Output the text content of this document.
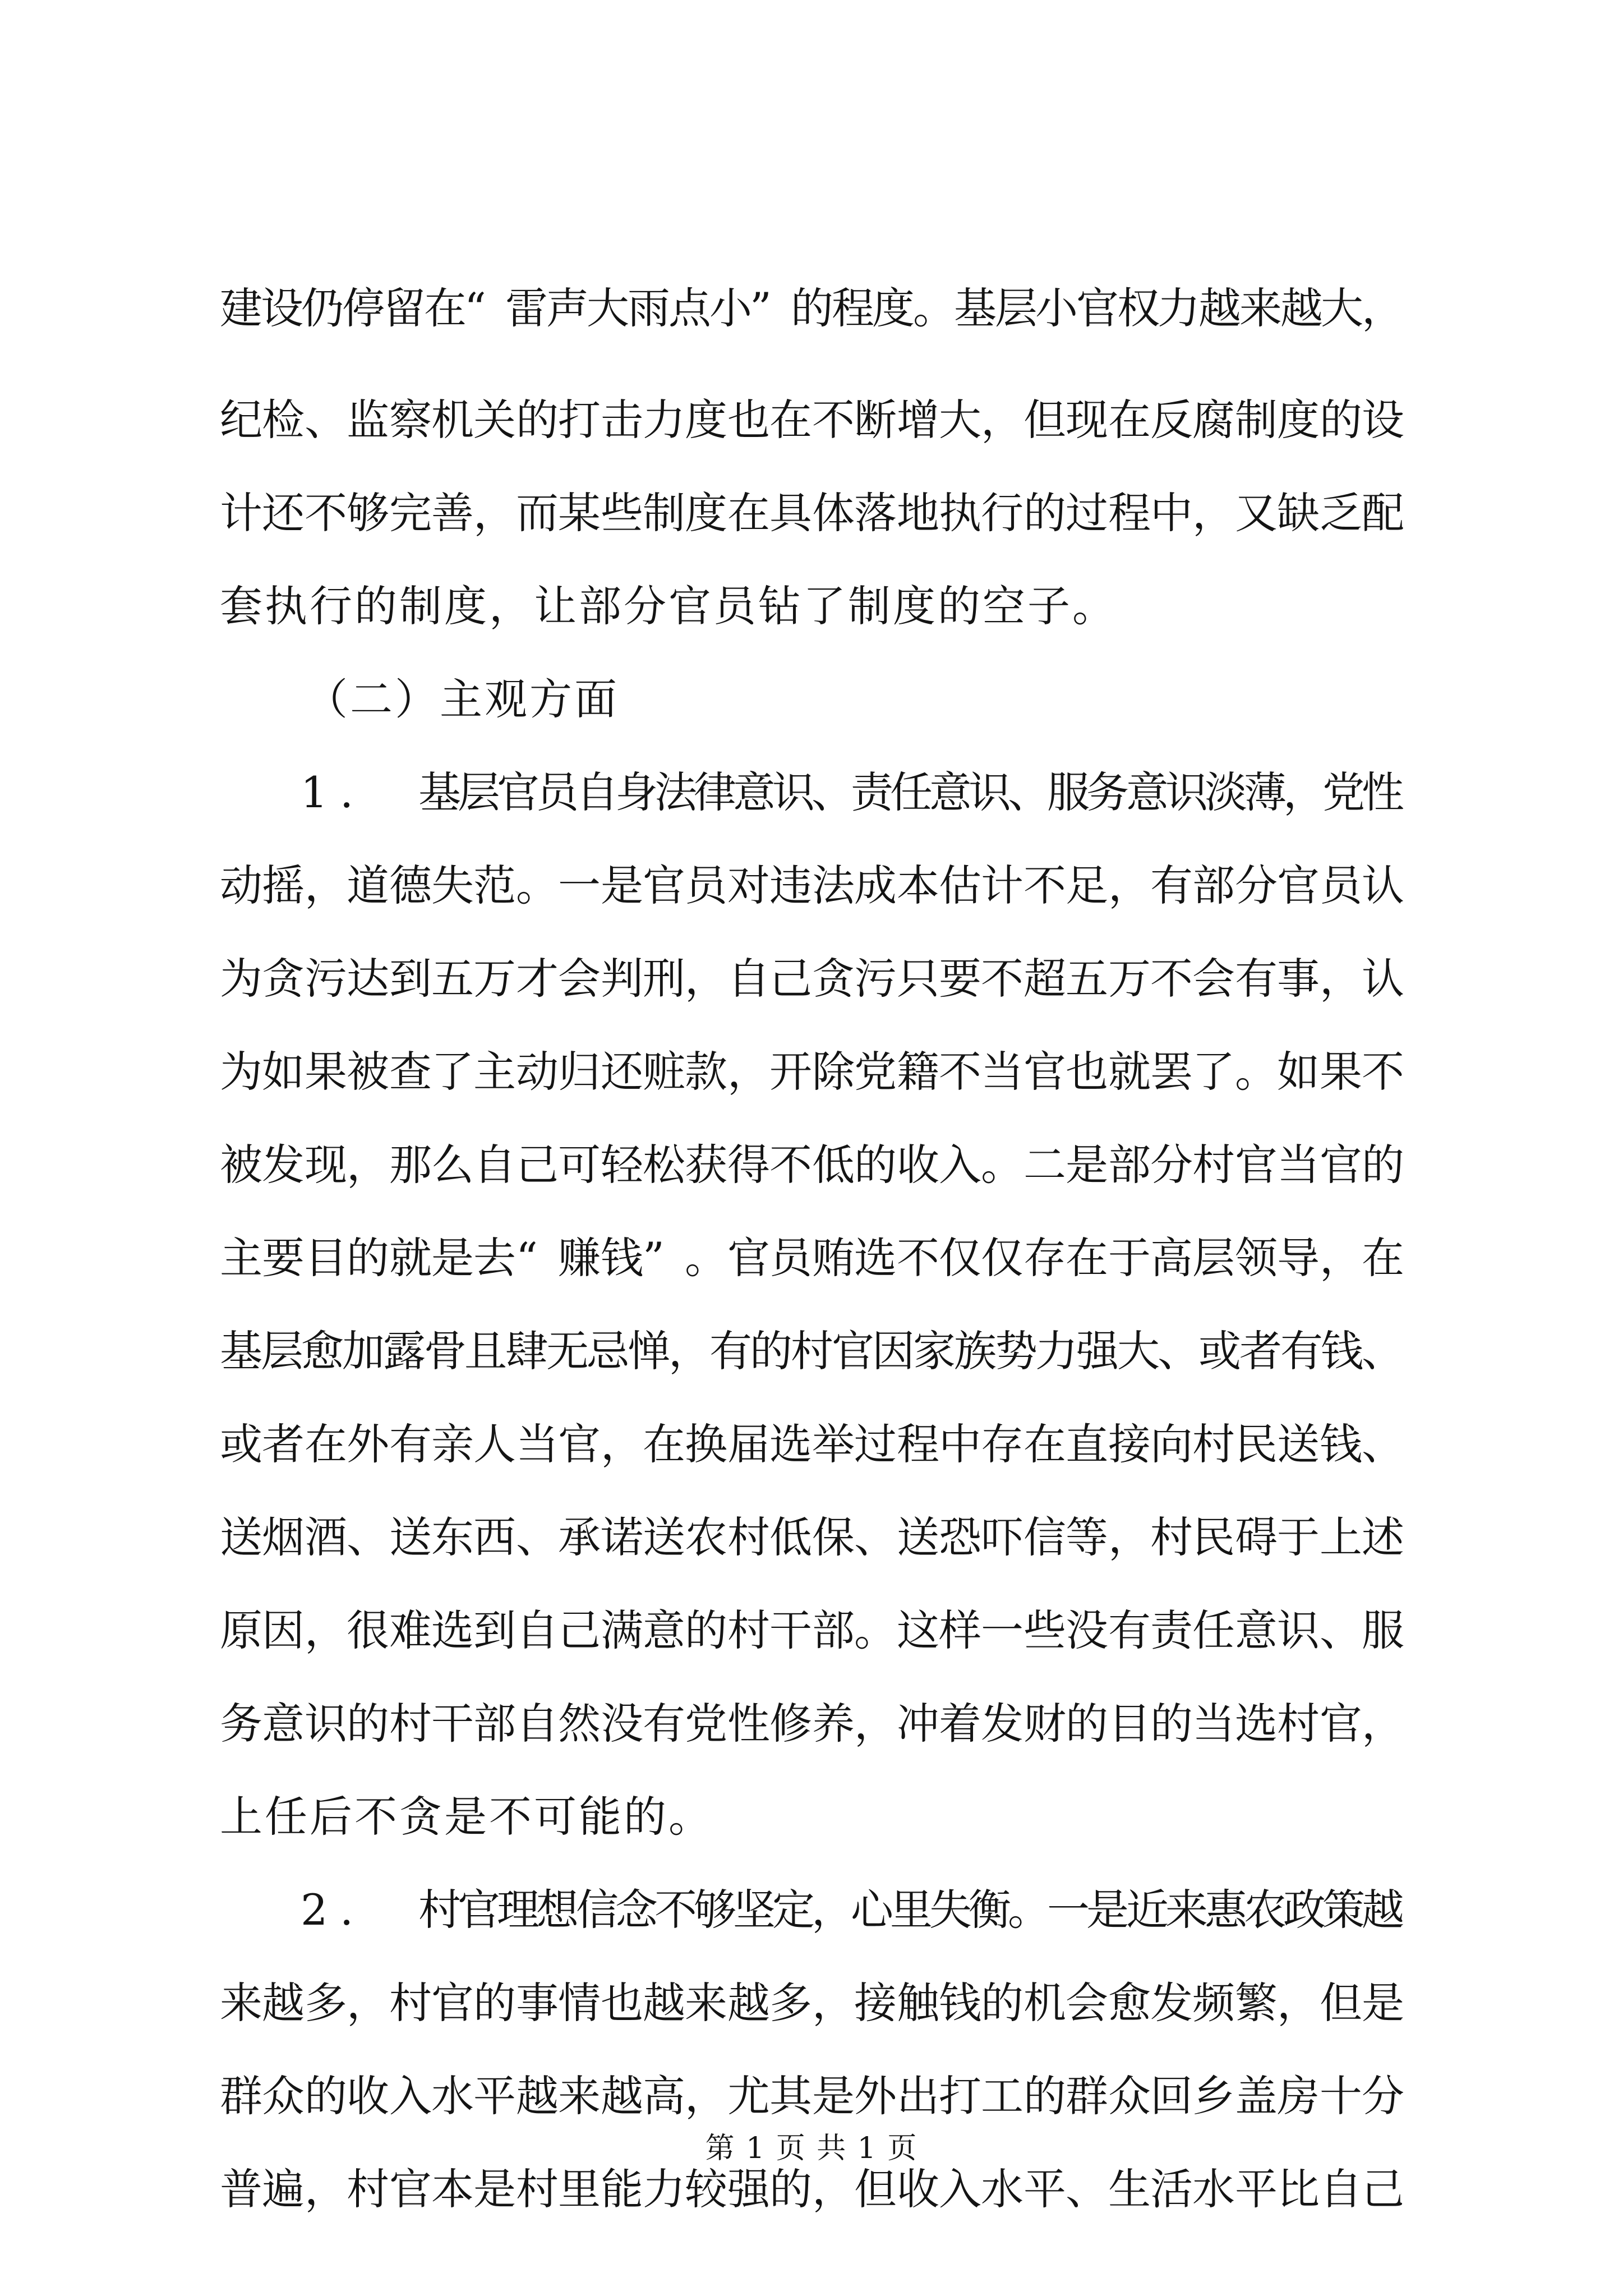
建
设
仍
停
留
在
“ 雷
声
大
雨
点
小
” 的
程
度
。
基
层
小
官
权
力
越
来
越
大
，
纪 检 、 监 察 机 关 的 打 击 力 度 也 在 不 断 增 大 ， 但 现 在 反 腐 制 度 的 设
计 还 不 够 完 善 ， 而 某 些 制 度 在 具 体 落 地 执 行 的 过 程 中 ， 又 缺 乏 配
套执行的制度，让部分官员钻了制度的空子。
（二）主观方面
1 . 基
层
官
员
自
身
法
律
意
识
、
责
任
意
识
、
服
务
意
识
淡
薄
，
党
性
动 摇 ， 道 德 失 范 。 一 是 官 员 对 违 法 成 本 估 计 不 足 ， 有 部 分 官 员 认
为 贪 污 达 到 五 万 才 会 判 刑 ， 自 己 贪 污 只 要 不 超 五 万 不 会 有 事 ， 认
为 如 果 被 查 了 主 动 归 还 赃 款 ， 开 除 党 籍 不 当 官 也 就 罢 了 。 如 果 不
被 发 现 ， 那 么 自 己 可 轻 松 获 得 不 低 的 收 入 。 二 是 部 分 村 官 当 官 的
主 要 目 的 就 是 去 “ 赚 钱 ” 。 官 员 贿 选 不 仅 仅 存 在 于 高 层 领 导 ， 在
基
层
愈
加
露
骨
且
肆
无
忌
惮
，
有
的
村
官
因
家
族
势
力
强
大
、
或
者
有
钱
、
或 者 在 外 有 亲 人 当 官 ， 在 换 届 选 举 过 程 中 存 在 直 接 向 村 民 送 钱 、
送 烟 酒 、 送 东 西 、 承 诺 送 农 村 低 保 、 送 恐 吓 信 等 ， 村 民 碍 于 上 述
原 因 ， 很 难 选 到 自 己 满 意 的 村 干 部 。 这 样 一 些 没 有 责 任 意 识 、 服
务 意 识 的 村 干 部 自 然 没 有 党 性 修 养 ， 冲 着 发 财 的 目 的 当 选 村 官 ，
上任后不贪是不可能的。
2 . 村
官
理
想
信
念
不
够
坚
定
，
心
里
失
衡
。
一
是
近
来
惠
农
政
策
越
来 越 多 ， 村 官 的 事 情 也 越 来 越 多 ， 接 触 钱 的 机 会 愈 发 频 繁 ， 但 是
群 众 的 收 入 水 平 越 来 越 高 ， 尤 其 是 外 出 打 工 的 群 众 回 乡 盖 房 十 分
普 遍 ， 村 官 本 是 村 里 能 力 较 强 的 ， 但 收 入 水 平 、 生 活 水 平 比 自 己
第 1 页 共 1 页
